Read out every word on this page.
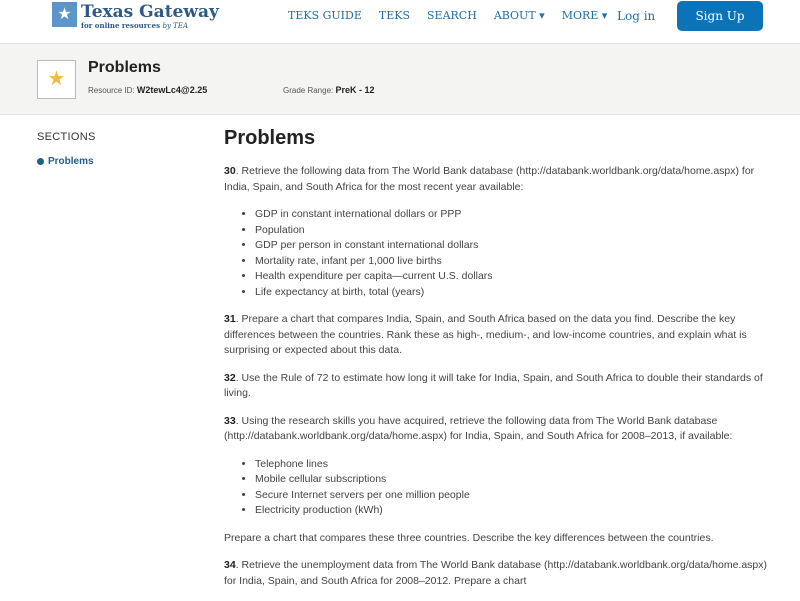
★ Texas Gateway
for online resources by TEA
TEKS GUIDE TEKS SEARCH ABOUT ▾ MORE ▾ Log in	Sign Up
★
Problems
Resource ID: W2tewLc4@2.25	Grade Range: PreK - 12
SECTIONS
Problems
Problems

30. Retrieve the following data from The World Bank database (http://databank.worldbank.org/data/home.aspx) for India, Spain, and South Africa for the most recent year available:

• GDP in constant international dollars or PPP
• Population
• GDP per person in constant international dollars
• Mortality rate, infant per 1,000 live births
• Health expenditure per capita—current U.S. dollars
• Life expectancy at birth, total (years)

31. Prepare a chart that compares India, Spain, and South Africa based on the data you find. Describe the key differences between the countries. Rank these as high-, medium-, and low-income countries, and explain what is surprising or expected about this data.

32. Use the Rule of 72 to estimate how long it will take for India, Spain, and South Africa to double their standards of living.

33. Using the research skills you have acquired, retrieve the following data from The World Bank database (http://databank.worldbank.org/data/home.aspx) for India, Spain, and South Africa for 2008–2013, if available:

• Telephone lines
• Mobile cellular subscriptions
• Secure Internet servers per one million people
• Electricity production (kWh)

Prepare a chart that compares these three countries. Describe the key differences between the countries.

34. Retrieve the unemployment data from The World Bank database (http://databank.worldbank.org/data/home.aspx) for India, Spain, and South Africa for 2008–2012. Prepare a chart
